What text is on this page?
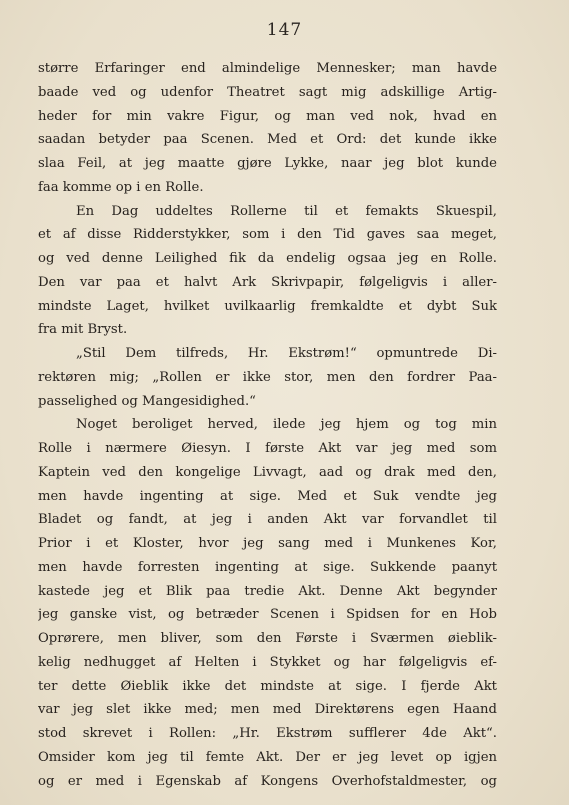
147
større Erfaringer end almindelige Mennesker; man havde
baade ved og udenfor Theatret sagt mig adskillige Artig-
heder for min vakre Figur, og man ved nok, hvad en
saadan betyder paa Scenen. Med et Ord: det kunde ikke
slaa Feil, at jeg maatte gjøre Lykke, naar jeg blot kunde
faa komme op i en Rolle.
En Dag uddeltes Rollerne til et femakts Skuespil,
et af disse Ridderstykker, som i den Tid gaves saa meget,
og ved denne Leilighed fik da endelig ogsaa jeg en Rolle.
Den var paa et halvt Ark Skrivpapir, følgeligvis i aller-
mindste Laget, hvilket uvilkaarlig fremkaldte et dybt Suk
fra mit Bryst.
„Stil Dem tilfreds, Hr. Ekstrøm!“ opmuntrede Di-
rektøren mig; „Rollen er ikke stor, men den fordrer Paa-
passelighed og Mangesidighed.“
Noget beroliget herved, ilede jeg hjem og tog min
Rolle i nærmere Øiesyn. I første Akt var jeg med som
Kaptein ved den kongelige Livvagt, aad og drak med den,
men havde ingenting at sige. Med et Suk vendte jeg
Bladet og fandt, at jeg i anden Akt var forvandlet til
Prior i et Kloster, hvor jeg sang med i Munkenes Kor,
men havde forresten ingenting at sige. Sukkende paanyt
kastede jeg et Blik paa tredie Akt. Denne Akt begynder
jeg ganske vist, og betræder Scenen i Spidsen for en Hob
Oprørere, men bliver, som den Første i Sværmen øieblik-
kelig nedhugget af Helten i Stykket og har følgeligvis ef-
ter dette Øieblik ikke det mindste at sige. I fjerde Akt
var jeg slet ikke med; men med Direktørens egen Haand
stod skrevet i Rollen: „Hr. Ekstrøm sufflerer 4de Akt“.
Omsider kom jeg til femte Akt. Der er jeg levet op igjen
og er med i Egenskab af Kongens Overhofstaldmester, og
